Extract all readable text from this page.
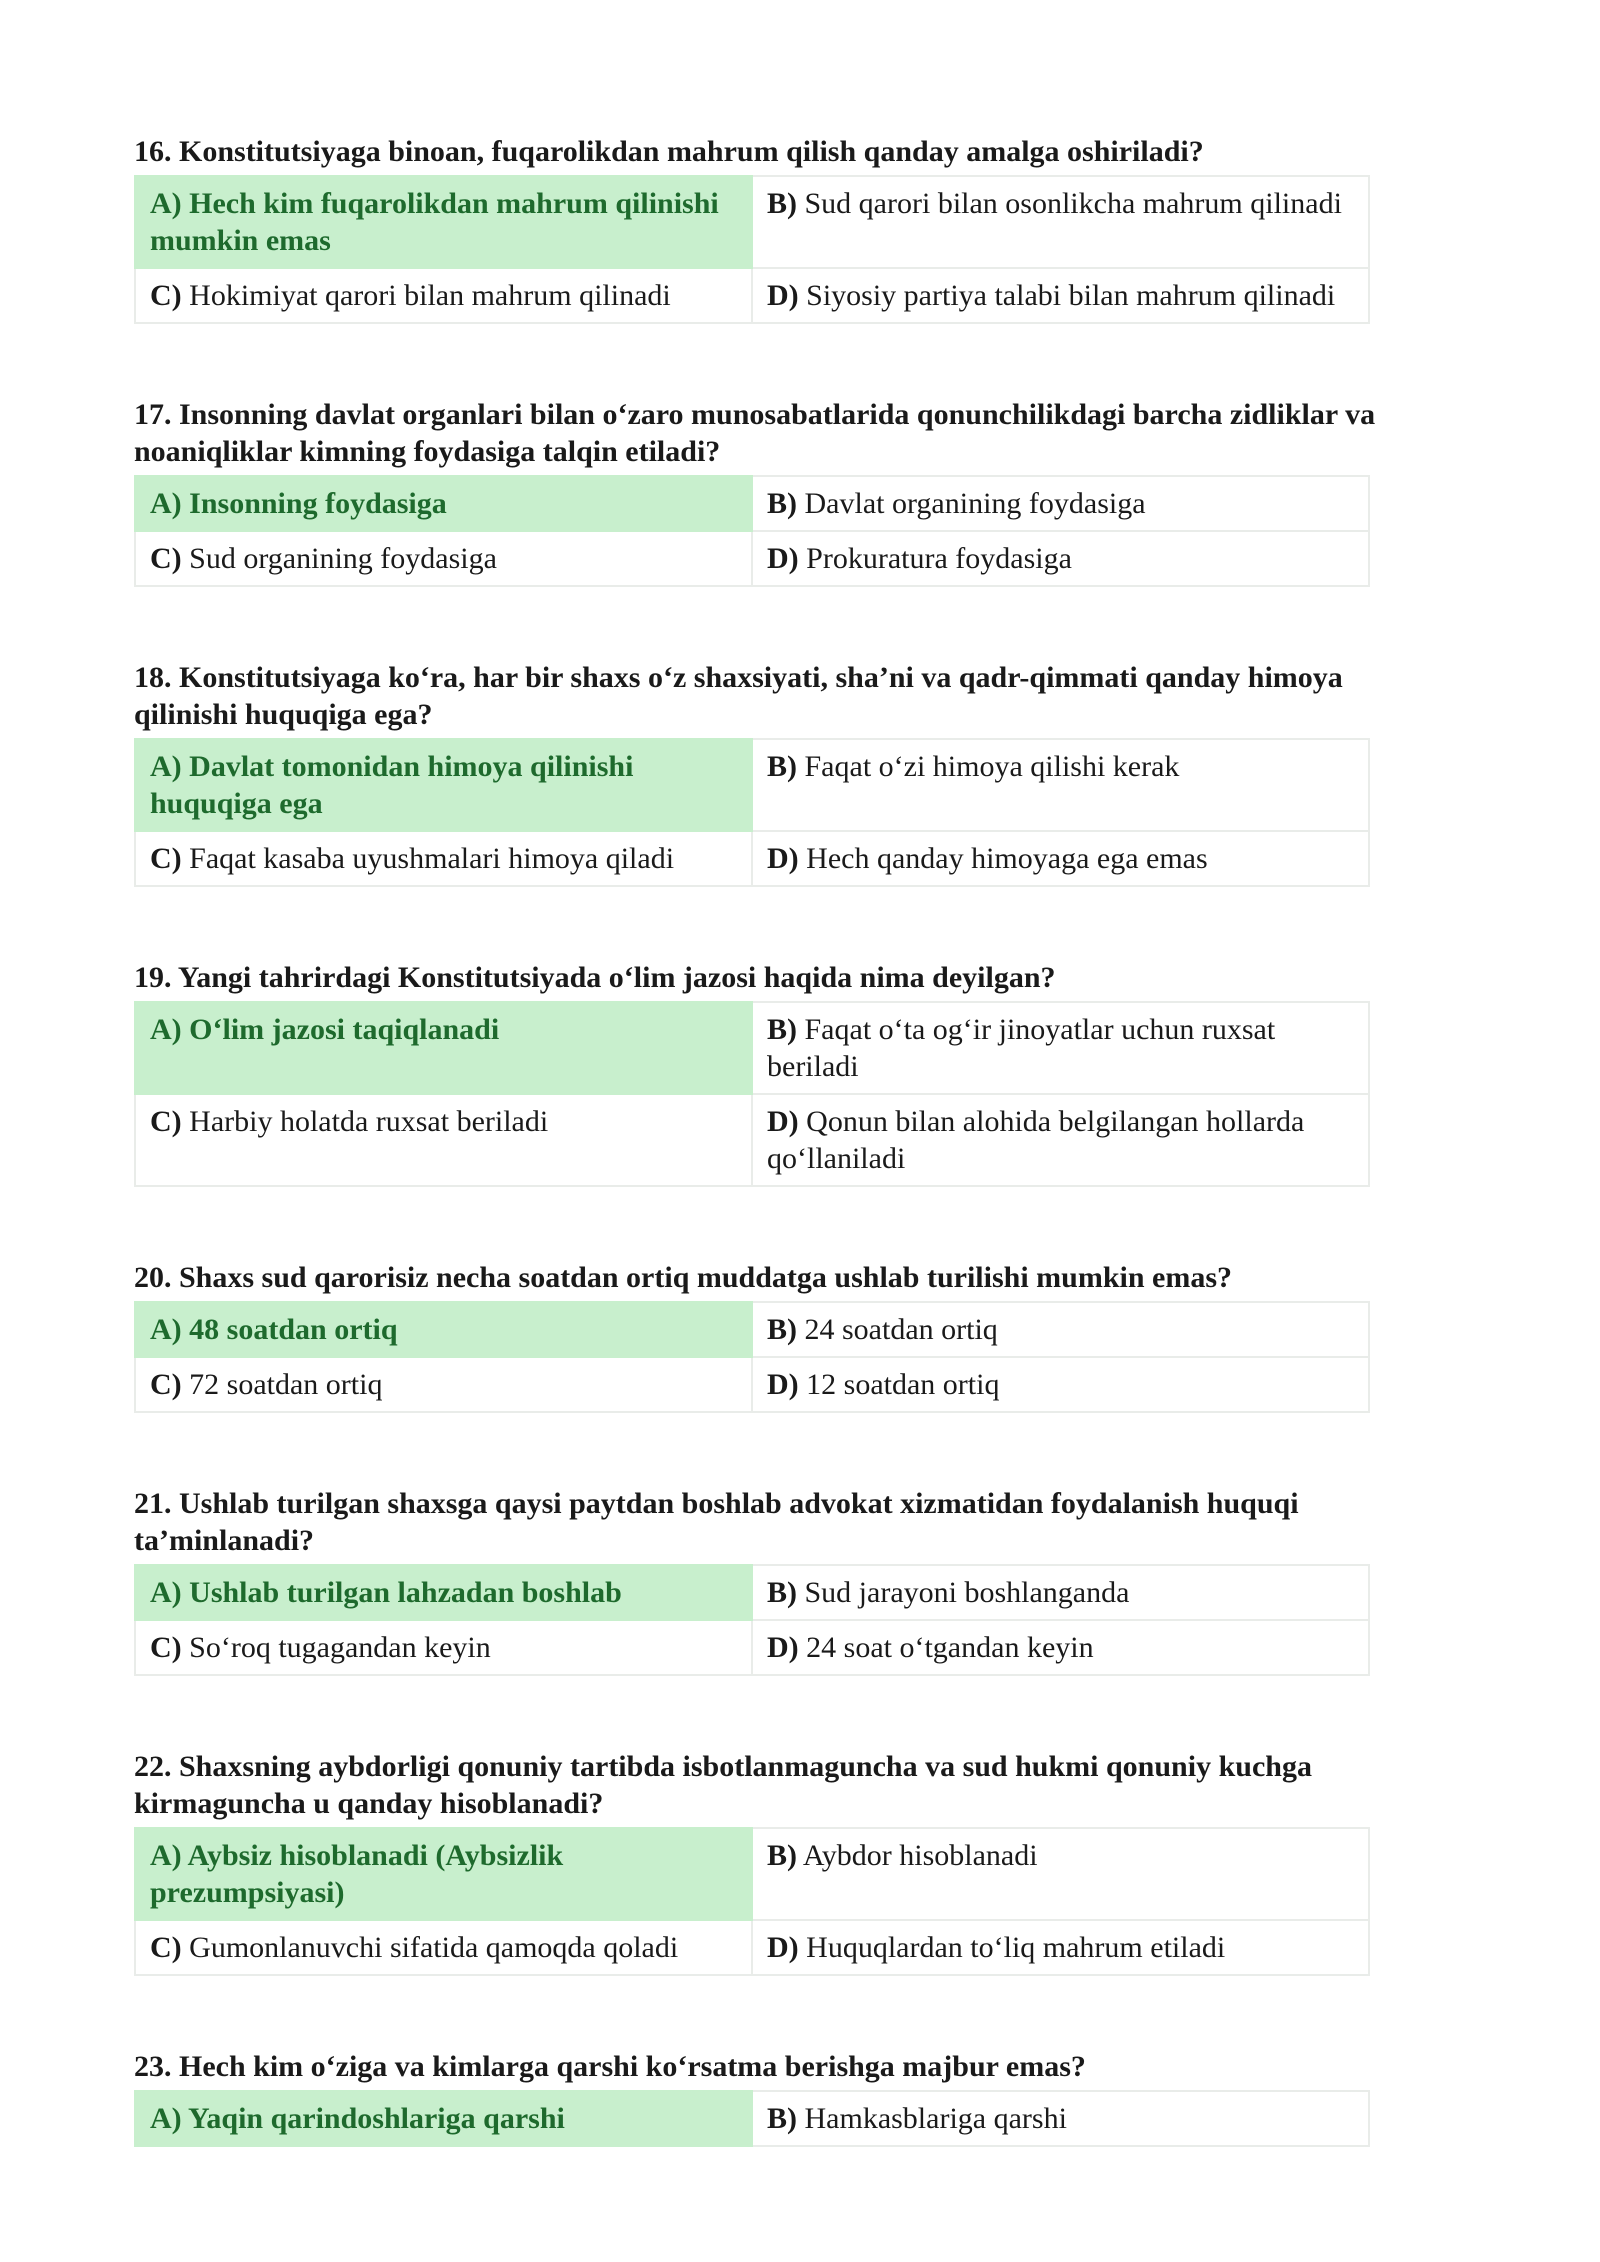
16. Konstitutsiyaga binoan, fuqarolikdan mahrum qilish qanday amalga oshiriladi?
A) Hech kim fuqarolikdan mahrum qilinishi mumkin emas	B) Sud qarori bilan osonlikcha mahrum qilinadi
C) Hokimiyat qarori bilan mahrum qilinadi	D) Siyosiy partiya talabi bilan mahrum qilinadi
17. Insonning davlat organlari bilan o‘zaro munosabatlarida qonunchilikdagi barcha zidliklar va noaniqliklar kimning foydasiga talqin etiladi?
A) Insonning foydasiga	B) Davlat organining foydasiga
C) Sud organining foydasiga	D) Prokuratura foydasiga
18. Konstitutsiyaga ko‘ra, har bir shaxs o‘z shaxsiyati, sha’ni va qadr-qimmati qanday himoya qilinishi huquqiga ega?
A) Davlat tomonidan himoya qilinishi huquqiga ega	B) Faqat o‘zi himoya qilishi kerak
C) Faqat kasaba uyushmalari himoya qiladi	D) Hech qanday himoyaga ega emas
19. Yangi tahrirdagi Konstitutsiyada o‘lim jazosi haqida nima deyilgan?
A) O‘lim jazosi taqiqlanadi	B) Faqat o‘ta og‘ir jinoyatlar uchun ruxsat beriladi
C) Harbiy holatda ruxsat beriladi	D) Qonun bilan alohida belgilangan hollarda qo‘llaniladi
20. Shaxs sud qarorisiz necha soatdan ortiq muddatga ushlab turilishi mumkin emas?
A) 48 soatdan ortiq	B) 24 soatdan ortiq
C) 72 soatdan ortiq	D) 12 soatdan ortiq
21. Ushlab turilgan shaxsga qaysi paytdan boshlab advokat xizmatidan foydalanish huquqi ta’minlanadi?
A) Ushlab turilgan lahzadan boshlab	B) Sud jarayoni boshlanganda
C) So‘roq tugagandan keyin	D) 24 soat o‘tgandan keyin
22. Shaxsning aybdorligi qonuniy tartibda isbotlanmaguncha va sud hukmi qonuniy kuchga kirmaguncha u qanday hisoblanadi?
A) Aybsiz hisoblanadi (Aybsizlik prezumpsiyasi)	B) Aybdor hisoblanadi
C) Gumonlanuvchi sifatida qamoqda qoladi	D) Huquqlardan to‘liq mahrum etiladi
23. Hech kim o‘ziga va kimlarga qarshi ko‘rsatma berishga majbur emas?
A) Yaqin qarindoshlariga qarshi	B) Hamkasblariga qarshi
